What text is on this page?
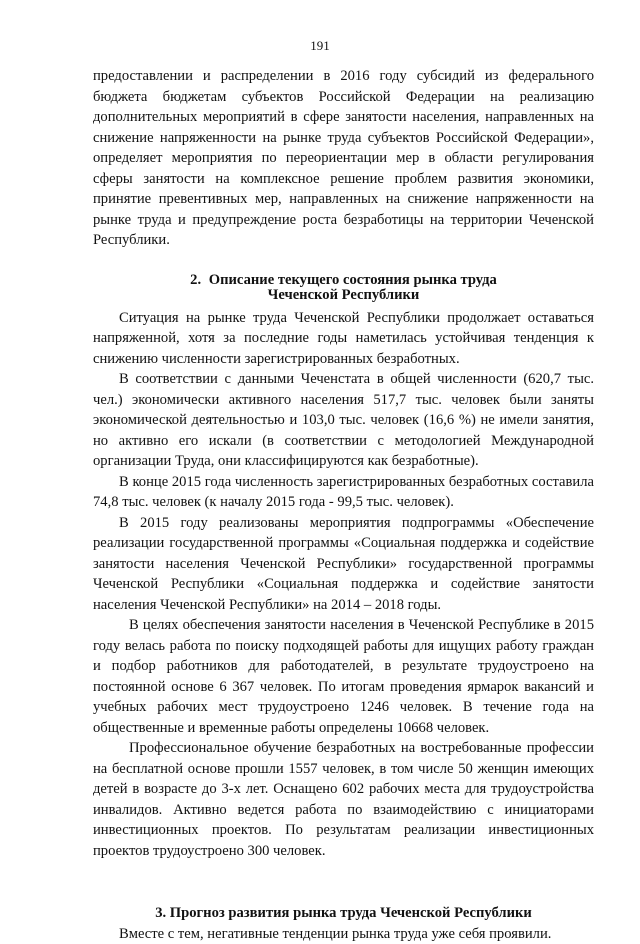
191

предоставлении и распределении в 2016 году субсидий из федерального бюджета бюджетам субъектов Российской Федерации на реализацию дополнительных мероприятий в сфере занятости населения, направленных на снижение напряженности на рынке труда субъектов Российской Федерации», определяет мероприятия по переориентации мер в области регулирования сферы занятости на комплексное решение проблем развития экономики, принятие превентивных мер, направленных на снижение напряженности на рынке труда и предупреждение роста безработицы на территории Чеченской Республики.

2. Описание текущего состояния рынка труда
Чеченской Республики

Ситуация на рынке труда Чеченской Республики продолжает оставаться напряженной, хотя за последние годы наметилась устойчивая тенденция к снижению численности зарегистрированных безработных.

В соответствии с данными Чеченстата в общей численности (620,7 тыс. чел.) экономически активного населения 517,7 тыс. человек были заняты экономической деятельностью и 103,0 тыс. человек (16,6 %) не имели занятия, но активно его искали (в соответствии с методологией Международной организации Труда, они классифицируются как безработные).

В конце 2015 года численность зарегистрированных безработных составила 74,8 тыс. человек (к началу 2015 года - 99,5 тыс. человек).

В 2015 году реализованы мероприятия подпрограммы «Обеспечение реализации государственной программы «Социальная поддержка и содействие занятости населения Чеченской Республики» государственной программы Чеченской Республики «Социальная поддержка и содействие занятости населения Чеченской Республики» на 2014 – 2018 годы.

В целях обеспечения занятости населения в Чеченской Республике в 2015 году велась работа по поиску подходящей работы для ищущих работу граждан и подбор работников для работодателей, в результате трудоустроено на постоянной основе 6 367 человек. По итогам проведения ярмарок вакансий и учебных рабочих мест трудоустроено 1246 человек. В течение года на общественные и временные работы определены 10668 человек.

Профессиональное обучение безработных на востребованные профессии на бесплатной основе прошли 1557 человек, в том числе 50 женщин имеющих детей в возрасте до 3-х лет. Оснащено 602 рабочих места для трудоустройства инвалидов. Активно ведется работа по взаимодействию с инициаторами инвестиционных проектов. По результатам реализации инвестиционных проектов трудоустроено 300 человек.

3. Прогноз развития рынка труда Чеченской Республики

Вместе с тем, негативные тенденции рынка труда уже себя проявили.
